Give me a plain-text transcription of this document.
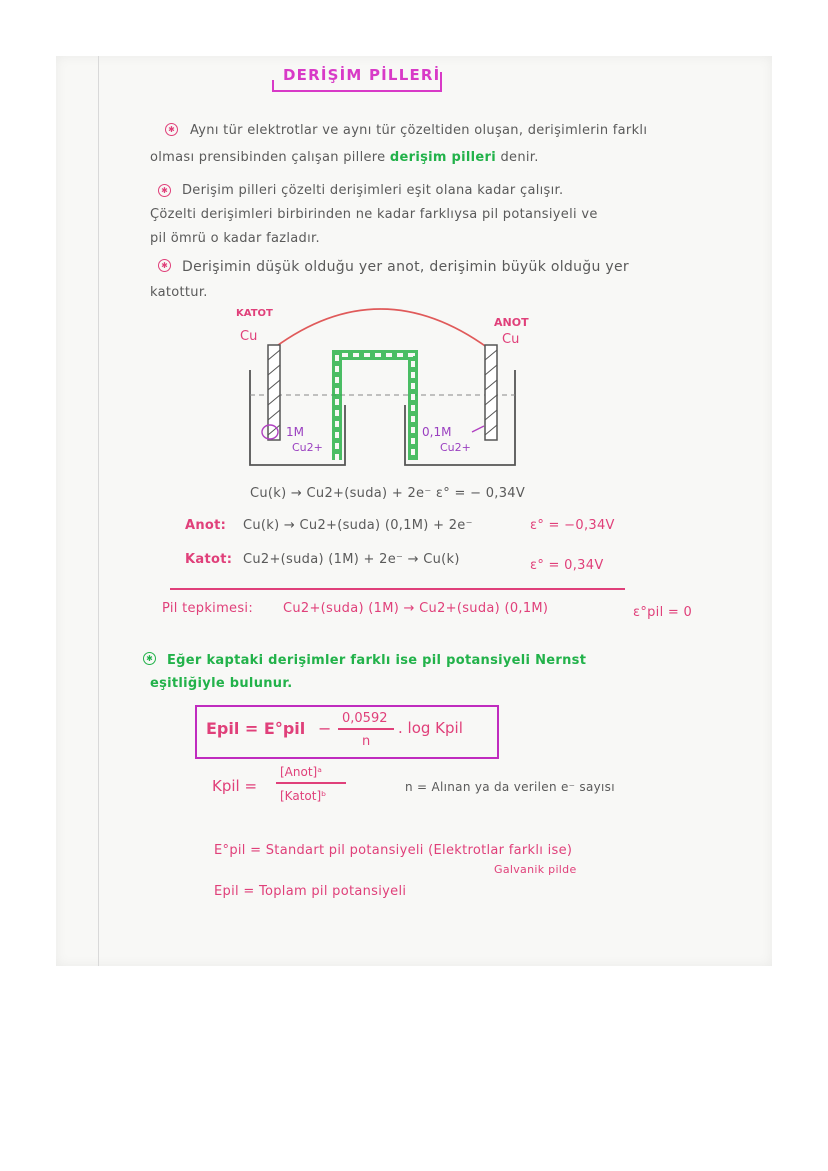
DERİŞİM PİLLERİ
✱ Aynı tür elektrotlar ve aynı tür çözeltiden oluşan, derişimlerin farklı
olması prensibinden çalışan pillere derişim pilleri denir.
✱ Derişim pilleri çözelti derişimleri eşit olana kadar çalışır.
Çözelti derişimleri birbirinden ne kadar farklıysa pil potansiyeli ve
pil ömrü o kadar fazladır.
✱ Derişimin düşük olduğu yer anot, derişimin büyük olduğu yer
katottur.
KATOT
Cu
ANOT
Cu
1M
Cu2+
0,1M
Cu2+
Cu(k) → Cu2+(suda) + 2e⁻ ε° = − 0,34V
Anot: Cu(k) → Cu2+(suda) (0,1M) + 2e⁻	ε° = −0,34V
Katot: Cu2+(suda) (1M) + 2e⁻ → Cu(k)	ε° = 0,34V
Pil tepkimesi: Cu2+(suda) (1M) → Cu2+(suda) (0,1M)	ε°pil = 0
✱ Eğer kaptaki derişimler farklı ise pil potansiyeli Nernst
eşitliğiyle bulunur.
Epil = E°pil −
0,0592
n
. log Kpil
Kpil =
[Anot]ᵃ
[Katot]ᵇ
n = Alınan ya da verilen e⁻ sayısı
E°pil = Standart pil potansiyeli (Elektrotlar farklı ise)
Galvanik pilde
Epil = Toplam pil potansiyeli
